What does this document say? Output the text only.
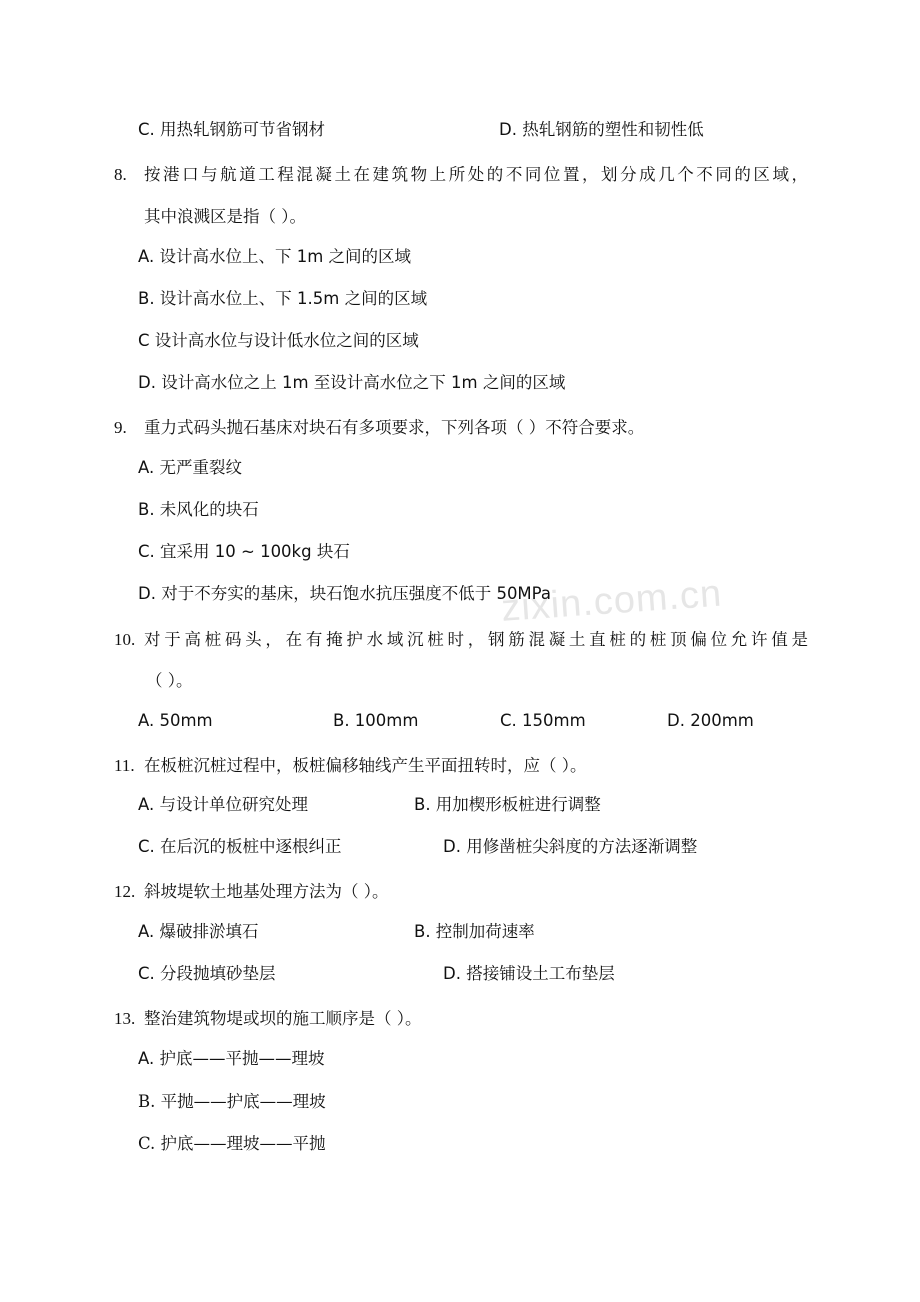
zixin.com.cn
C. 用热轧钢筋可节省钢材	D. 热轧钢筋的塑性和韧性低
8. 按港口与航道工程混凝土在建筑物上所处的不同位置，划分成几个不同的区域，
其中浪溅区是指（ ）。
A. 设计高水位上、下 1m 之间的区域
B. 设计高水位上、下 1.5m 之间的区域
C 设计高水位与设计低水位之间的区域
D. 设计高水位之上 1m 至设计高水位之下 1m 之间的区域
9. 重力式码头抛石基床对块石有多项要求，下列各项（ ）不符合要求。
A. 无严重裂纹
B. 未风化的块石
C. 宜采用 10 ~ 100kg 块石
D. 对于不夯实的基床，块石饱水抗压强度不低于 50MPa
10. 对于高桩码头，在有掩护水域沉桩时，钢筋混凝土直桩的桩顶偏位允许值是
（ ）。
A. 50mm	B. 100mm	C. 150mm	D. 200mm
11. 在板桩沉桩过程中，板桩偏移轴线产生平面扭转时，应（ ）。
A. 与设计单位研究处理	B. 用加楔形板桩进行调整
C. 在后沉的板桩中逐根纠正	D. 用修凿桩尖斜度的方法逐渐调整
12. 斜坡堤软土地基处理方法为（ ）。
A. 爆破排淤填石	B. 控制加荷速率
C. 分段抛填砂垫层	D. 搭接铺设土工布垫层
13. 整治建筑物堤或坝的施工顺序是（ ）。
A. 护底——平抛——理坡
B. 平抛——护底——理坡
C. 护底——理坡——平抛
